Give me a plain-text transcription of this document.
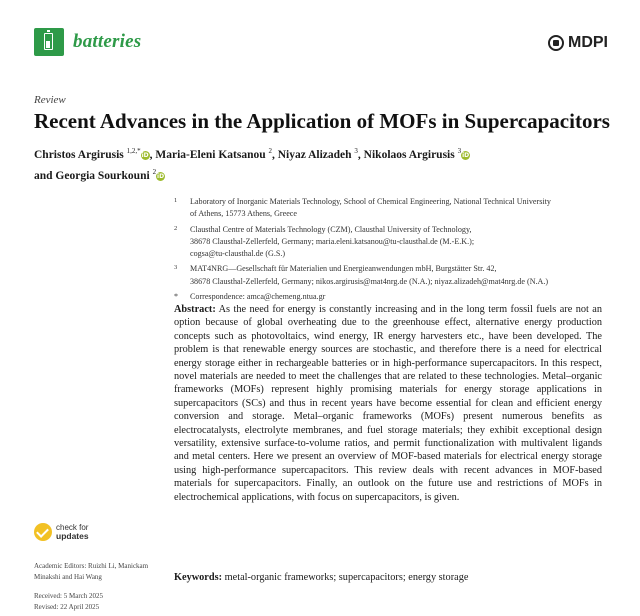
batteries	MDPI
Review
Recent Advances in the Application of MOFs in Supercapacitors
Christos Argirusis $^{1,2,*}$iD, Maria-Eleni Katsanou $^2$, Niyaz Alizadeh $^3$, Nikolaos Argirusis $^3$iD
and Georgia Sourkouni $^2$iD
1 Laboratory of Inorganic Materials Technology, School of Chemical Engineering, National Technical University
of Athens, 15773 Athens, Greece
2 Clausthal Centre of Materials Technology (CZM), Clausthal University of Technology,
38678 Clausthal-Zellerfeld, Germany; maria.eleni.katsanou@tu-clausthal.de (M.-E.K.);
cogsa@tu-clausthal.de (G.S.)
3 MAT4NRG—Gesellschaft für Materialien und Energieanwendungen mbH, Burgstätter Str. 42,
38678 Clausthal-Zellerfeld, Germany; nikos.argirusis@mat4nrg.de (N.A.); niyaz.alizadeh@mat4nrg.de (N.A.)
* Correspondence: amca@chemeng.ntua.gr
Abstract: As the need for energy is constantly increasing and in the long term fossil fuels are not an option because of global overheating due to the greenhouse effect, alternative energy production concepts such as photovoltaics, wind energy, IR energy harvesters etc., have been developed. The problem is that renewable energy sources are stochastic, and therefore there is a need for electrical energy storage either in rechargeable batteries or in high-performance supercapacitors. In this respect, novel materials are needed to meet the challenges that are related to these technologies. Metal–organic frameworks (MOFs) represent highly promising materials for energy storage applications in supercapacitors (SCs) and thus in recent years have become essential for clean and efficient energy conversion and storage. Metal–organic frameworks (MOFs) present numerous benefits as electrocatalysts, electrolyte membranes, and fuel storage materials; they exhibit exceptional design versatility, extensive surface-to-volume ratios, and permit functionalization with multivalent ligands and metal centers. Here we present an overview of MOF-based materials for electrical energy storage using high-performance supercapacitors. This review deals with recent advances in MOF-based materials for supercapacitors. Finally, an outlook on the future use and restrictions of MOFs in electrochemical applications, with focus on supercapacitors, is given.
Keywords: metal-organic frameworks; supercapacitors; energy storage
check for
updates
Academic Editors: Ruizhi Li, Manickam Minakshi and Hai Wang
Received: 5 March 2025
Revised: 22 April 2025
